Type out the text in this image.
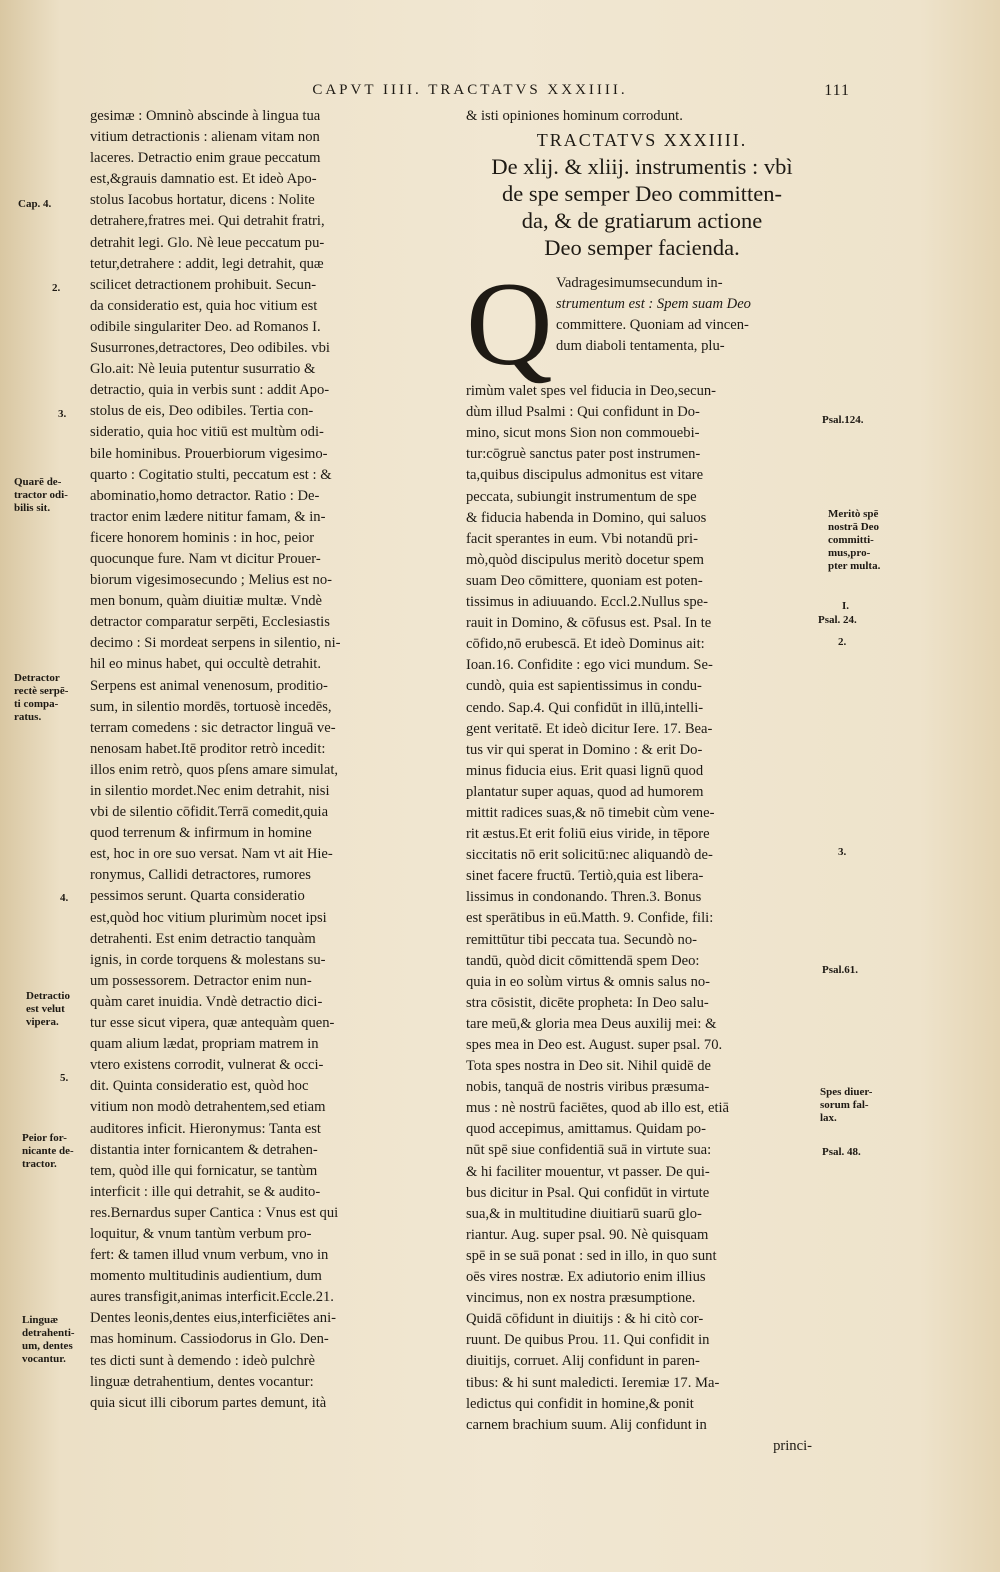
CAPVT IIII. TRACTATVS XXXIIII.	111

gesimæ : Omninò abscinde à lingua tua

vitium detractionis : alienam vitam non

laceres. Detractio enim graue peccatum

est,&grauis damnatio est. Et ideò Apo-

stolus Iacobus hortatur, dicens : Nolite

detrahere,fratres mei. Qui detrahit fratri,

detrahit legi. Glo. Nè leue peccatum pu-

tetur,detrahere : addit, legi detrahit, quæ

scilicet detractionem prohibuit. Secun-

da consideratio est, quia hoc vitium est

odibile singulariter Deo. ad Romanos I.

Susurrones,detractores, Deo odibiles. vbi

Glo.ait: Nè leuia putentur susurratio &

detractio, quia in verbis sunt : addit Apo-

stolus de eis, Deo odibiles. Tertia con-

sideratio, quia hoc vitiū est multùm odi-

bile hominibus. Prouerbiorum vigesimo-

quarto : Cogitatio stulti, peccatum est : &

abominatio,homo detractor. Ratio : De-

tractor enim lædere nititur famam, & in-

ficere honorem hominis : in hoc, peior

quocunque fure. Nam vt dicitur Prouer-

biorum vigesimosecundo ; Melius est no-

men bonum, quàm diuitiæ multæ. Vndè

detractor comparatur serpēti, Ecclesiastis

decimo : Si mordeat serpens in silentio, ni-

hil eo minus habet, qui occultè detrahit.

Serpens est animal venenosum, proditio-

sum, in silentio mordēs, tortuosè incedēs,

terram comedens : sic detractor linguā ve-

nenosam habet.Itē proditor retrò incedit:

illos enim retrò, quos pſens amare simulat,

in silentio mordet.Nec enim detrahit, nisi

vbi de silentio cōfidit.Terrā comedit,quia

quod terrenum & infirmum in homine

est, hoc in ore suo versat. Nam vt ait Hie-

ronymus, Callidi detractores, rumores

pessimos serunt. Quarta consideratio

est,quòd hoc vitium plurimùm nocet ipsi

detrahenti. Est enim detractio tanquàm

ignis, in corde torquens & molestans su-

um possessorem. Detractor enim nun-

quàm caret inuidia. Vndè detractio dici-

tur esse sicut vipera, quæ antequàm quen-

quam alium lædat, propriam matrem in

vtero existens corrodit, vulnerat & occi-

dit. Quinta consideratio est, quòd hoc

vitium non modò detrahentem,sed etiam

auditores inficit. Hieronymus: Tanta est

distantia inter fornicantem & detrahen-

tem, quòd ille qui fornicatur, se tantùm

interficit : ille qui detrahit, se & audito-

res.Bernardus super Cantica : Vnus est qui

loquitur, & vnum tantùm verbum pro-

fert: & tamen illud vnum verbum, vno in

momento multitudinis audientium, dum

aures transfigit,animas interficit.Eccle.21.

Dentes leonis,dentes eius,interficiētes ani-

mas hominum. Cassiodorus in Glo. Den-

tes dicti sunt à demendo : ideò pulchrè

linguæ detrahentium, dentes vocantur:

quia sicut illi ciborum partes demunt, ità

& isti opiniones hominum corrodunt.

TRACTATVS XXXIIII.

De xlij. & xliij. instrumentis : vbì

de spe semper Deo committen-

da, & de gratiarum actione

Deo semper facienda.

Q Vadragesimumsecundum in-

strumentum est : Spem suam Deo

committere. Quoniam ad vincen-

dum diaboli tentamenta, plu-

rimùm valet spes vel fiducia in Deo,secun-

dùm illud Psalmi : Qui confidunt in Do-

mino, sicut mons Sion non commouebi-

tur:cōgruè sanctus pater post instrumen-

ta,quibus discipulus admonitus est vitare

peccata, subiungit instrumentum de spe

& fiducia habenda in Domino, qui saluos

facit sperantes in eum. Vbi notandū pri-

mò,quòd discipulus meritò docetur spem

suam Deo cōmittere, quoniam est poten-

tissimus in adiuuando. Eccl.2.Nullus spe-

rauit in Domino, & cōfusus est. Psal. In te

cōfido,nō erubescā. Et ideò Dominus ait:

Ioan.16. Confidite : ego vici mundum. Se-

cundò, quia est sapientissimus in condu-

cendo. Sap.4. Qui confidūt in illū,intelli-

gent veritatē. Et ideò dicitur Iere. 17. Bea-

tus vir qui sperat in Domino : & erit Do-

minus fiducia eius. Erit quasi lignū quod

plantatur super aquas, quod ad humorem

mittit radices suas,& nō timebit cùm vene-

rit æstus.Et erit foliū eius viride, in tēpore

siccitatis nō erit solicitū:nec aliquandò de-

sinet facere fructū. Tertiò,quia est libera-

lissimus in condonando. Thren.3. Bonus

est sperātibus in eū.Matth. 9. Confide, fili:

remittūtur tibi peccata tua. Secundò no-

tandū, quòd dicit cōmittendā spem Deo:

quia in eo solùm virtus & omnis salus no-

stra cōsistit, dicēte propheta: In Deo salu-

tare meū,& gloria mea Deus auxilij mei: &

spes mea in Deo est. August. super psal. 70.

Tota spes nostra in Deo sit. Nihil quidē de

nobis, tanquā de nostris viribus præsuma-

mus : nè nostrū faciētes, quod ab illo est, etiā

quod accepimus, amittamus. Quidam po-

nūt spē siue confidentiā suā in virtute sua:

& hi faciliter mouentur, vt passer. De qui-

bus dicitur in Psal. Qui confidūt in virtute

sua,& in multitudine diuitiarū suarū glo-

riantur. Aug. super psal. 90. Nè quisquam

spē in se suā ponat : sed in illo, in quo sunt

oēs vires nostræ. Ex adiutorio enim illius

vincimus, non ex nostra præsumptione.

Quidā cōfidunt in diuitijs : & hi citò cor-

ruunt. De quibus Prou. 11. Qui confidit in

diuitijs, corruet. Alij confidunt in paren-

tibus: & hi sunt maledicti. Ieremiæ 17. Ma-

ledictus qui confidit in homine,& ponit

carnem brachium suum. Alij confidunt in

princi-

Cap. 4.
2.
3.
Quarē de-
tractor odi-
bilis sit.
Detractor
rectè serpē-
ti compa-
ratus.
4.
Detractio
est velut
vipera.
5.
Peior for-
nicante de-
tractor.
Linguæ
detrahenti-
um, dentes
vocantur.
Psal.124.
Meritò spē
nostrā Deo
committi-
mus,pro-
pter multa.
I.
Psal. 24.
2.
3.
Psal.61.
Spes diuer-
sorum fal-
lax.
Psal. 48.
